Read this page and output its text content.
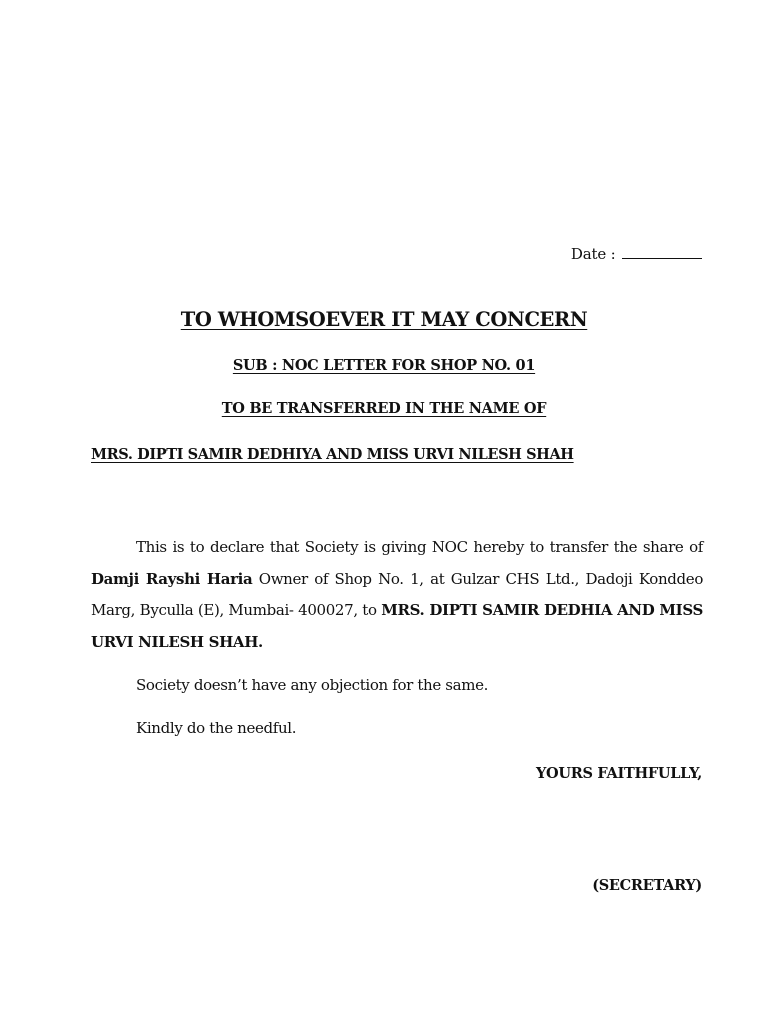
Date :
TO WHOMSOEVER IT MAY CONCERN
SUB : NOC LETTER FOR SHOP NO. 01
TO BE TRANSFERRED IN THE NAME OF
MRS. DIPTI SAMIR DEDHIYA AND MISS URVI NILESH SHAH

This is to declare that Society is giving NOC hereby to transfer the share of Damji Rayshi Haria Owner of Shop No. 1, at Gulzar CHS Ltd., Dadoji Konddeo Marg, Byculla (E), Mumbai- 400027, to MRS. DIPTI SAMIR DEDHIA AND MISS URVI NILESH SHAH.

Society doesn’t have any objection for the same.
Kindly do the needful.
YOURS FAITHFULLY,
(SECRETARY)
